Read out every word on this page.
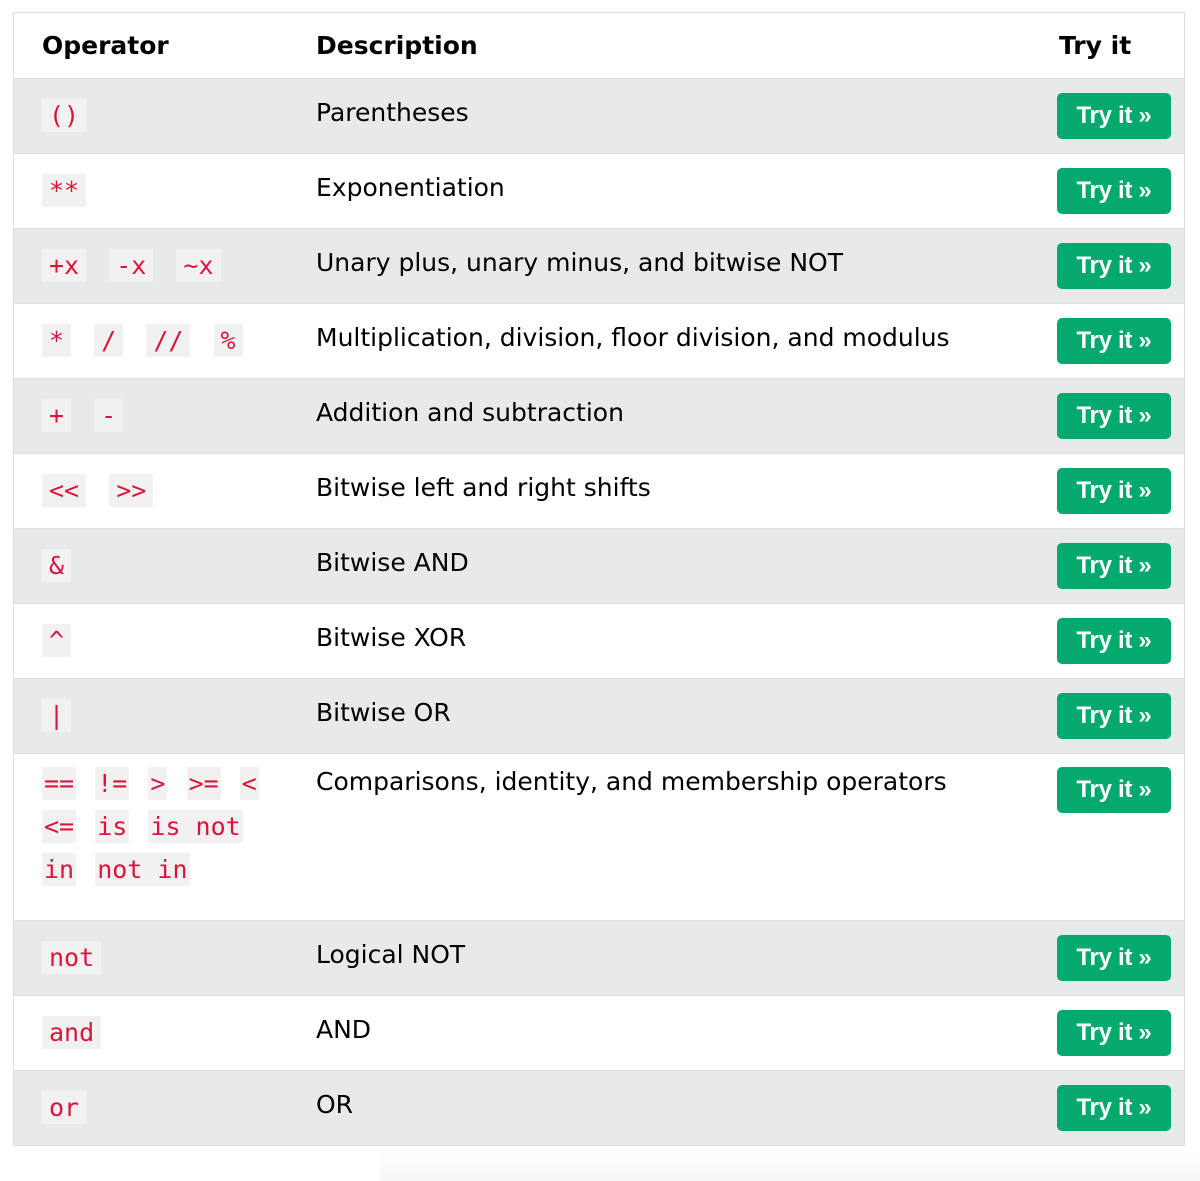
Operator	Description	Try it
()	Parentheses	Try it »

**	Exponentiation	Try it »

+x -x ~x	Unary plus, unary minus, and bitwise NOT	Try it »

* / // %	Multiplication, division, floor division, and modulus	Try it »

+ -	Addition and subtraction	Try it »

<< >>	Bitwise left and right shifts	Try it »

&	Bitwise AND	Try it »

^	Bitwise XOR	Try it »

|	Bitwise OR	Try it »

== != > >= < <= is is not in not in	Comparisons, identity, and membership operators	Try it »

not	Logical NOT	Try it »

and	AND	Try it »

or	OR	Try it »
